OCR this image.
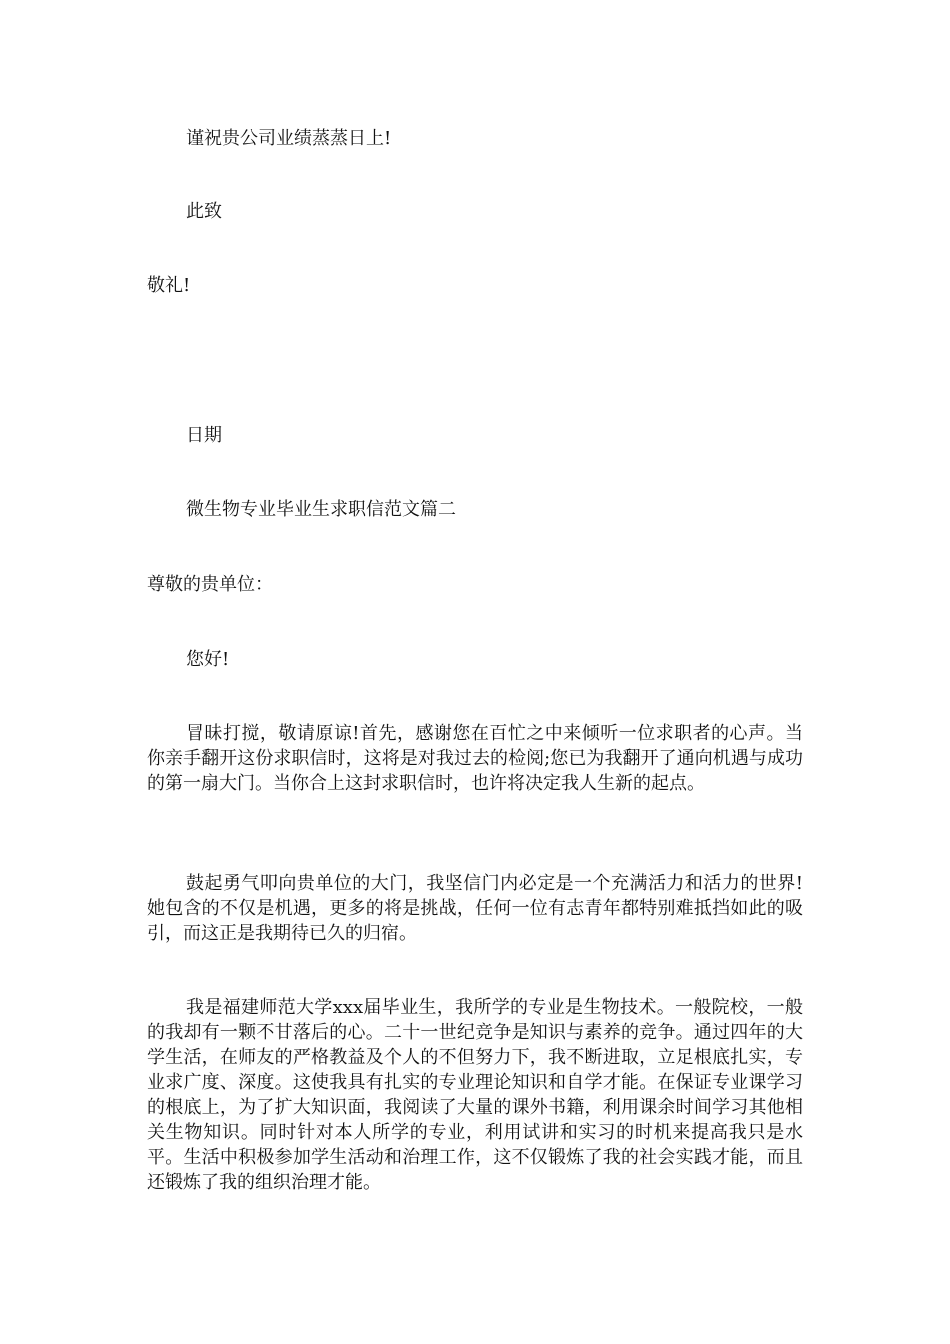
谨祝贵公司业绩蒸蒸日上!

此致

敬礼!

日期

微生物专业毕业生求职信范文篇二

尊敬的贵单位：

您好!

冒昧打搅，敬请原谅!首先，感谢您在百忙之中来倾听一位求职者的心声。当你亲手翻开这份求职信时，这将是对我过去的检阅;您已为我翻开了通向机遇与成功的第一扇大门。当你合上这封求职信时，也许将决定我人生新的起点。

鼓起勇气叩向贵单位的大门，我坚信门内必定是一个充满活力和活力的世界!她包含的不仅是机遇，更多的将是挑战，任何一位有志青年都特别难抵挡如此的吸引，而这正是我期待已久的归宿。

我是福建师范大学xxx届毕业生，我所学的专业是生物技术。一般院校，一般的我却有一颗不甘落后的心。二十一世纪竞争是知识与素养的竞争。通过四年的大学生活，在师友的严格教益及个人的不但努力下，我不断进取，立足根底扎实，专业求广度、深度。这使我具有扎实的专业理论知识和自学才能。在保证专业课学习的根底上，为了扩大知识面，我阅读了大量的课外书籍，利用课余时间学习其他相关生物知识。同时针对本人所学的专业，利用试讲和实习的时机来提高我只是水平。生活中积极参加学生活动和治理工作，这不仅锻炼了我的社会实践才能，而且还锻炼了我的组织治理才能。
